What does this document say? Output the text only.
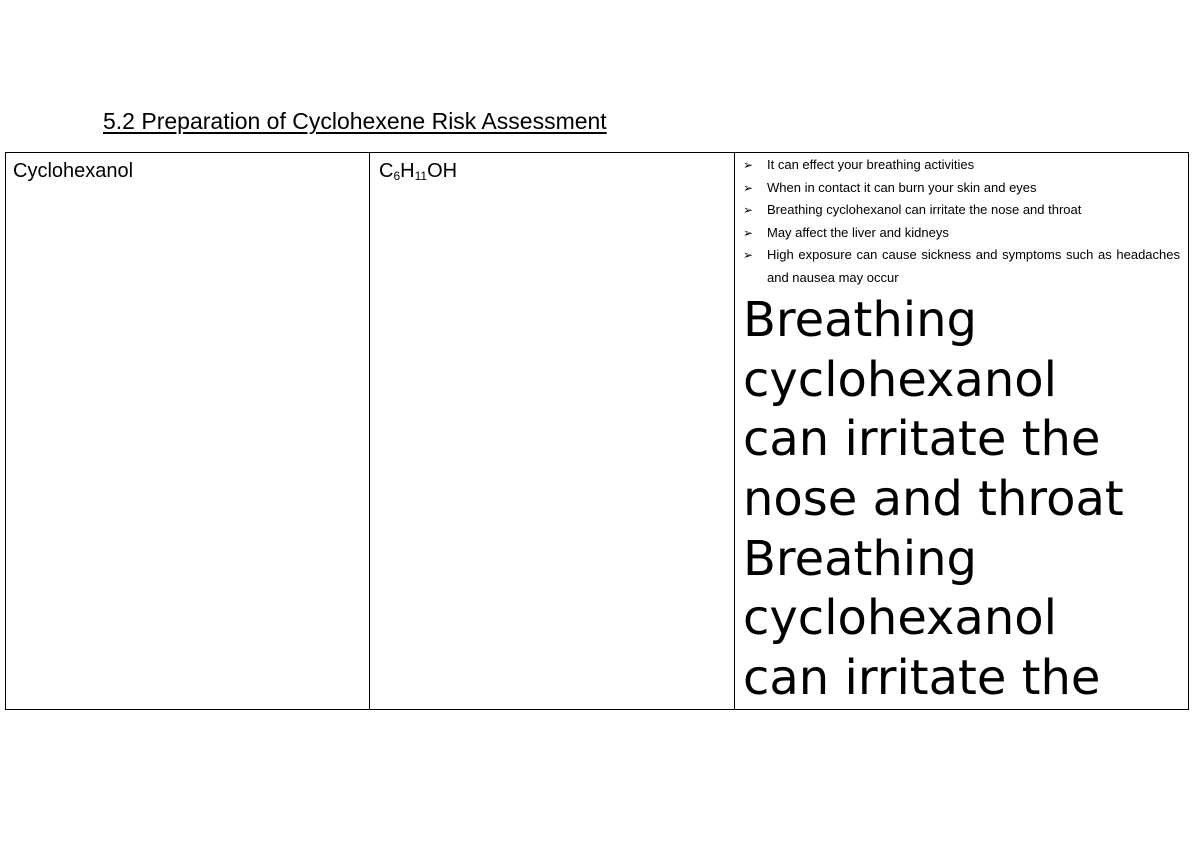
5.2 Preparation of Cyclohexene Risk Assessment
Cyclohexanol	$C_6H_{11}OH$	➢ It can effect your breathing activities
➢ When in contact it can burn your skin and eyes
➢ Breathing cyclohexanol can irritate the nose and throat
➢ May affect the liver and kidneys
➢ High exposure can cause sickness and symptoms such as headaches and nausea may occur
Breathing
cyclohexanol
can irritate the
nose and throat
Breathing
cyclohexanol
can irritate the
